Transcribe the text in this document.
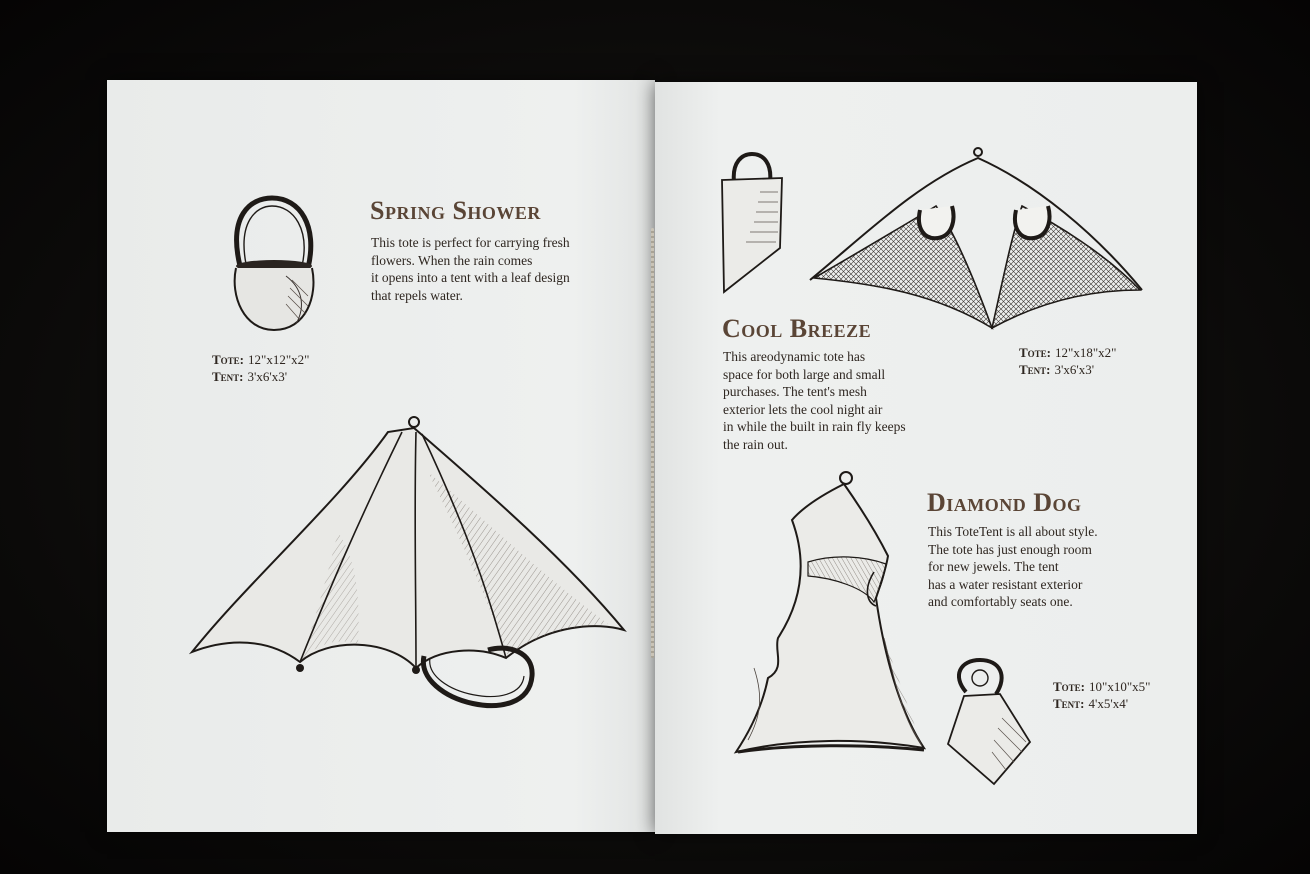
Spring Shower
This tote is perfect for carrying fresh
flowers. When the rain comes
it opens into a tent with a leaf design
that repels water.
Tote: 12"x12"x2"
Tent: 3'x6'x3'
Cool Breeze
This areodynamic tote has
space for both large and small
purchases. The tent's mesh
exterior lets the cool night air
in while the built in rain fly keeps
the rain out.
Tote: 12"x18"x2"
Tent: 3'x6'x3'
Diamond Dog
This ToteTent is all about style.
The tote has just enough room
for new jewels. The tent
has a water resistant exterior
and comfortably seats one.
Tote: 10"x10"x5"
Tent: 4'x5'x4'
